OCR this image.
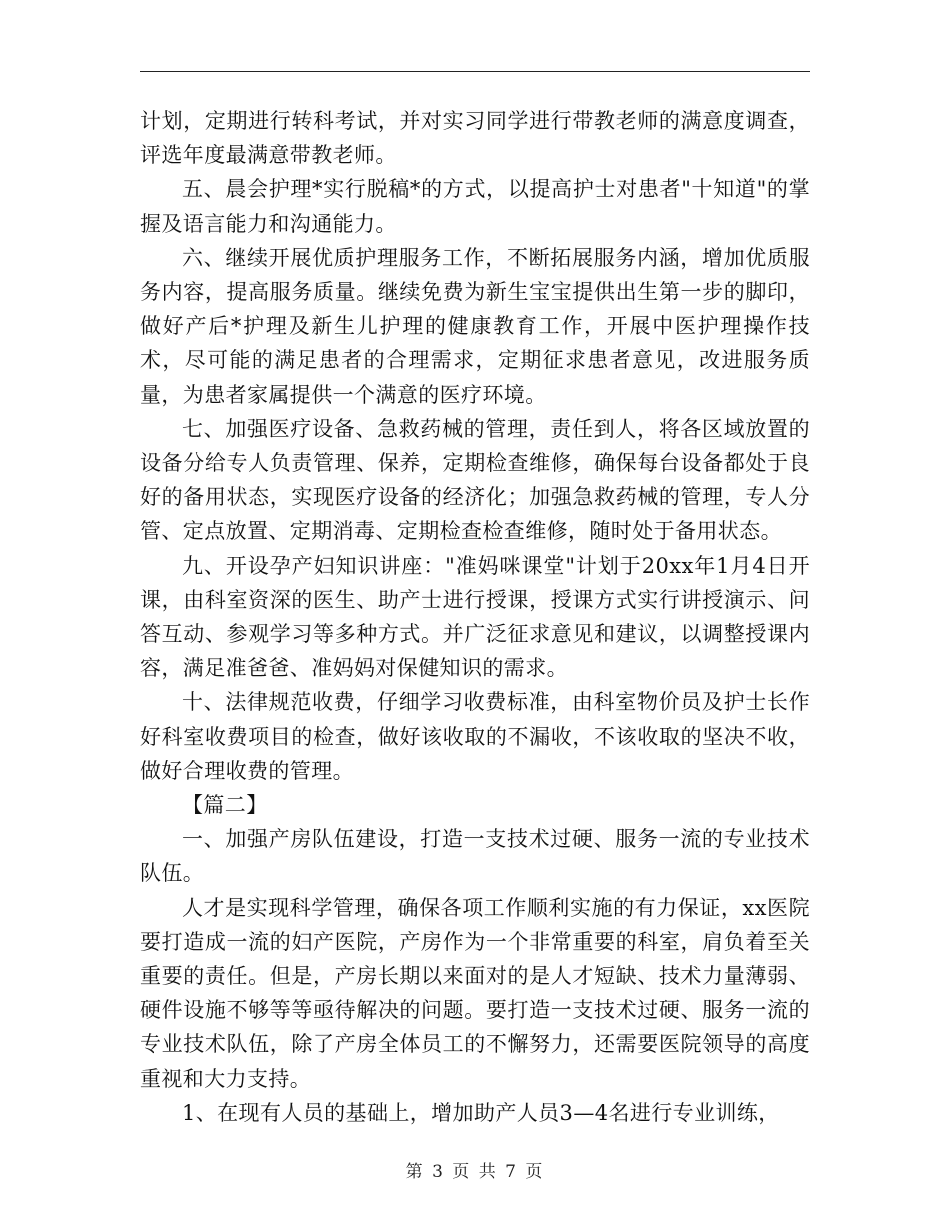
计划，定期进行转科考试，并对实习同学进行带教老师的满意度调查，评选年度最满意带教老师。

五、晨会护理*实行脱稿*的方式，以提高护士对患者"十知道"的掌握及语言能力和沟通能力。

六、继续开展优质护理服务工作，不断拓展服务内涵，增加优质服务内容，提高服务质量。继续免费为新生宝宝提供出生第一步的脚印，做好产后*护理及新生儿护理的健康教育工作，开展中医护理操作技术，尽可能的满足患者的合理需求，定期征求患者意见，改进服务质量，为患者家属提供一个满意的医疗环境。

七、加强医疗设备、急救药械的管理，责任到人，将各区域放置的设备分给专人负责管理、保养，定期检查维修，确保每台设备都处于良好的备用状态，实现医疗设备的经济化；加强急救药械的管理，专人分管、定点放置、定期消毒、定期检查检查维修，随时处于备用状态。

九、开设孕产妇知识讲座："准妈咪课堂"计划于20xx年1月4日开课，由科室资深的医生、助产士进行授课，授课方式实行讲授演示、问答互动、参观学习等多种方式。并广泛征求意见和建议，以调整授课内容，满足准爸爸、准妈妈对保健知识的需求。

十、法律规范收费，仔细学习收费标准，由科室物价员及护士长作好科室收费项目的检查，做好该收取的不漏收，不该收取的坚决不收，做好合理收费的管理。

【篇二】

一、加强产房队伍建设，打造一支技术过硬、服务一流的专业技术队伍。

人才是实现科学管理，确保各项工作顺利实施的有力保证，xx医院要打造成一流的妇产医院，产房作为一个非常重要的科室，肩负着至关重要的责任。但是，产房长期以来面对的是人才短缺、技术力量薄弱、硬件设施不够等等亟待解决的问题。要打造一支技术过硬、服务一流的专业技术队伍，除了产房全体员工的不懈努力，还需要医院领导的高度重视和大力支持。

1、在现有人员的基础上，增加助产人员3—4名进行专业训练，

第 3 页 共 7 页
